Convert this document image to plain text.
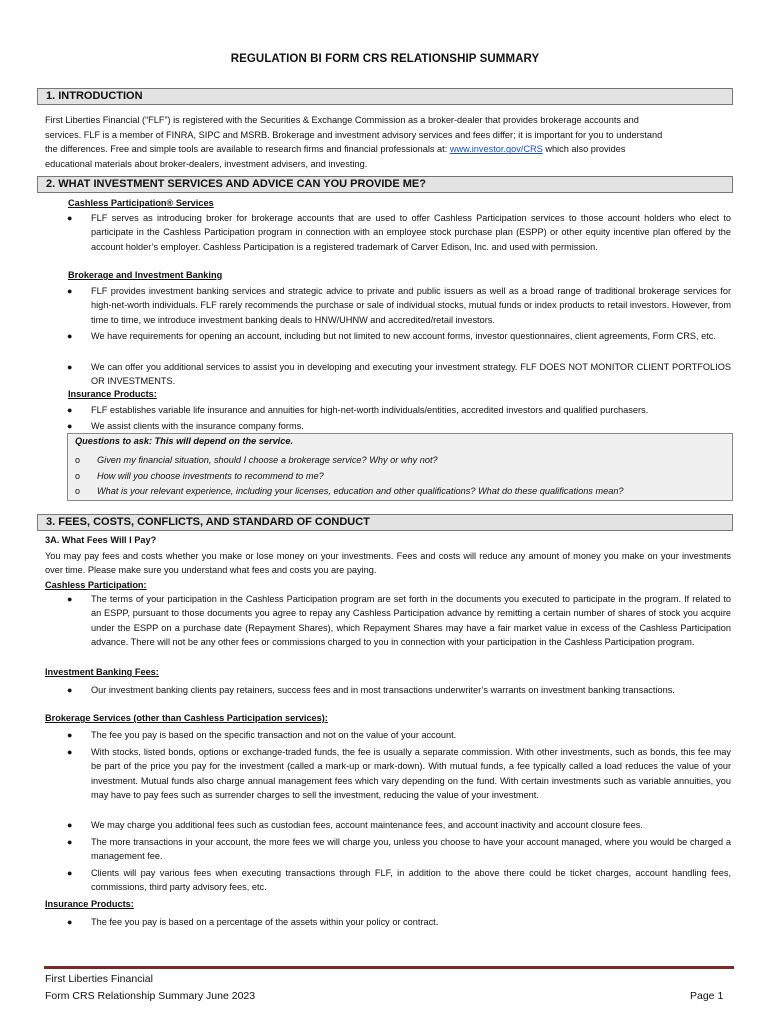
REGULATION BI FORM CRS RELATIONSHIP SUMMARY
1. INTRODUCTION
First Liberties Financial (“FLF”) is registered with the Securities & Exchange Commission as a broker-dealer that provides brokerage accounts and
services. FLF is a member of FINRA, SIPC and MSRB. Brokerage and investment advisory services and fees differ; it is important for you to understand
the differences. Free and simple tools are available to research firms and financial professionals at: www.investor.gov/CRS which also provides
educational materials about broker-dealers, investment advisers, and investing.
2. WHAT INVESTMENT SERVICES AND ADVICE CAN YOU PROVIDE ME?
Cashless Participation® Services
● FLF serves as introducing broker for brokerage accounts that are used to offer Cashless Participation services to those account holders who elect to participate in the Cashless Participation program in connection with an employee stock purchase plan (ESPP) or other equity incentive plan offered by the account holder’s employer. Cashless Participation is a registered trademark of Carver Edison, Inc. and used with permission.
Brokerage and Investment Banking
● FLF provides investment banking services and strategic advice to private and public issuers as well as a broad range of traditional brokerage services for high-net-worth individuals. FLF rarely recommends the purchase or sale of individual stocks, mutual funds or index products to retail investors. However, from time to time, we introduce investment banking deals to HNW/UHNW and accredited/retail investors.
● We have requirements for opening an account, including but not limited to new account forms, investor questionnaires, client agreements, Form CRS, etc.
● We can offer you additional services to assist you in developing and executing your investment strategy. FLF DOES NOT MONITOR CLIENT PORTFOLIOS OR INVESTMENTS.
Insurance Products:
● FLF establishes variable life insurance and annuities for high-net-worth individuals/entities, accredited investors and qualified purchasers.
● We assist clients with the insurance company forms.
Questions to ask: This will depend on the service.
o Given my financial situation, should I choose a brokerage service? Why or why not?
o How will you choose investments to recommend to me?
o What is your relevant experience, including your licenses, education and other qualifications? What do these qualifications mean?
3. FEES, COSTS, CONFLICTS, AND STANDARD OF CONDUCT
3A. What Fees Will I Pay?
You may pay fees and costs whether you make or lose money on your investments. Fees and costs will reduce any amount of money you make on your investments over time. Please make sure you understand what fees and costs you are paying.
Cashless Participation:
● The terms of your participation in the Cashless Participation program are set forth in the documents you executed to participate in the program. If related to an ESPP, pursuant to those documents you agree to repay any Cashless Participation advance by remitting a certain number of shares of stock you acquire under the ESPP on a purchase date (Repayment Shares), which Repayment Shares may have a fair market value in excess of the Cashless Participation advance. There will not be any other fees or commissions charged to you in connection with your participation in the Cashless Participation program.
Investment Banking Fees:
● Our investment banking clients pay retainers, success fees and in most transactions underwriter’s warrants on investment banking transactions.
Brokerage Services (other than Cashless Participation services):
● The fee you pay is based on the specific transaction and not on the value of your account.
● With stocks, listed bonds, options or exchange-traded funds, the fee is usually a separate commission. With other investments, such as bonds, this fee may be part of the price you pay for the investment (called a mark-up or mark-down). With mutual funds, a fee typically called a load reduces the value of your investment. Mutual funds also charge annual management fees which vary depending on the fund. With certain investments such as variable annuities, you may have to pay fees such as surrender charges to sell the investment, reducing the value of your investment.
● We may charge you additional fees such as custodian fees, account maintenance fees, and account inactivity and account closure fees.
● The more transactions in your account, the more fees we will charge you, unless you choose to have your account managed, where you would be charged a management fee.
● Clients will pay various fees when executing transactions through FLF, in addition to the above there could be ticket charges, account handling fees, commissions, third party advisory fees, etc.
Insurance Products:
● The fee you pay is based on a percentage of the assets within your policy or contract.
First Liberties Financial
Form CRS Relationship Summary June 2023	Page 1
